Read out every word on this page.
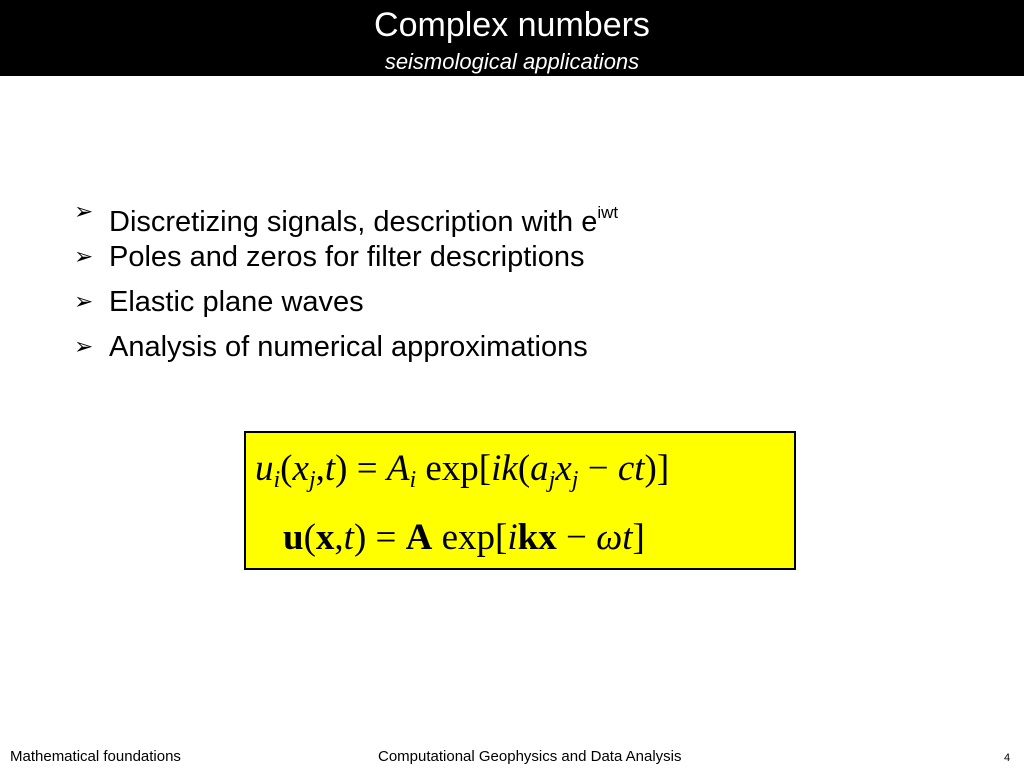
Complex numbers
seismological applications
➢ Discretizing signals, description with $e^{iwt}$
➢ Poles and zeros for filter descriptions
➢ Elastic plane waves
➢ Analysis of numerical approximations
ui(xj,t) = Ai exp[ik(ajxj − ct)]
u(x,t) = A exp[ikx − ωt]
Mathematical foundations	Computational Geophysics and Data Analysis	4
